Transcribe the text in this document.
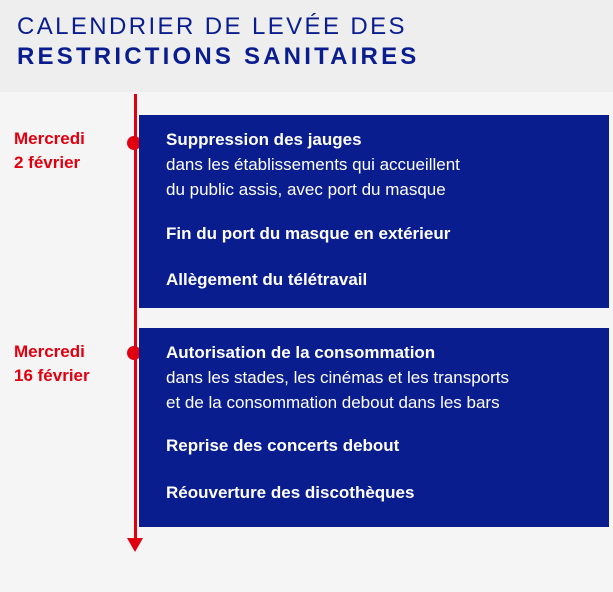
CALENDRIER DE LEVÉE DES
RESTRICTIONS SANITAIRES
Mercredi
2 février
Suppression des jauges
dans les établissements qui accueillent
du public assis, avec port du masque
Fin du port du masque en extérieur
Allègement du télétravail
Mercredi
16 février
Autorisation de la consommation
dans les stades, les cinémas et les transports
et de la consommation debout dans les bars
Reprise des concerts debout
Réouverture des discothèques
